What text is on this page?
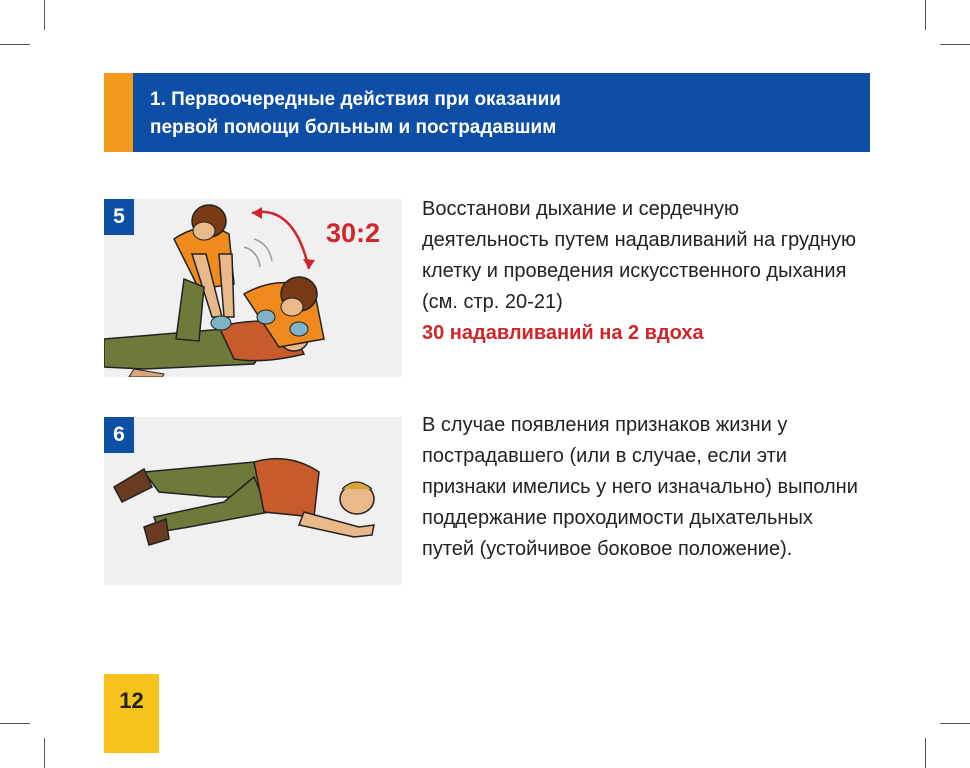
1. Первоочередные действия при оказании
первой помощи больным и пострадавшим
5
30:2
Восстанови дыхание и сердечную деятельность путем надавливаний на грудную клетку и проведения искусственного дыхания (см. стр. 20-21)
30 надавливаний на 2 вдоха
6	В случае появления признаков жизни у пострадавшего (или в случае, если эти признаки имелись у него изначально) выполни поддержание проходимости дыхательных путей (устойчивое боковое положение).
12
